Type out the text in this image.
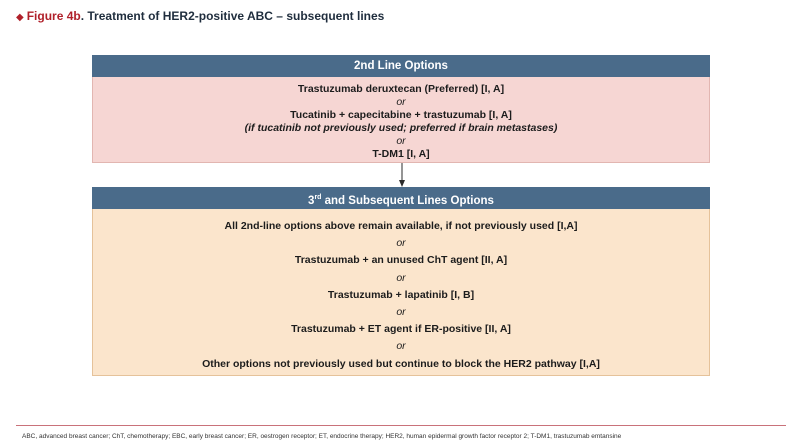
◆ Figure 4b. Treatment of HER2-positive ABC – subsequent lines
2nd Line Options
Trastuzumab deruxtecan (Preferred) [I, A]
or
Tucatinib + capecitabine + trastuzumab [I, A]
(if tucatinib not previously used; preferred if brain metastases)
or
T-DM1 [I, A]
3rd and Subsequent Lines Options
All 2nd-line options above remain available, if not previously used [I,A]
or
Trastuzumab + an unused ChT agent [II, A]
or
Trastuzumab + lapatinib [I, B]
or
Trastuzumab + ET agent if ER-positive [II, A]
or
Other options not previously used but continue to block the HER2 pathway [I,A]
ABC, advanced breast cancer; ChT, chemotherapy; EBC, early breast cancer; ER, oestrogen receptor; ET, endocrine therapy; HER2, human epidermal growth factor receptor 2; T-DM1, trastuzumab emtansine
